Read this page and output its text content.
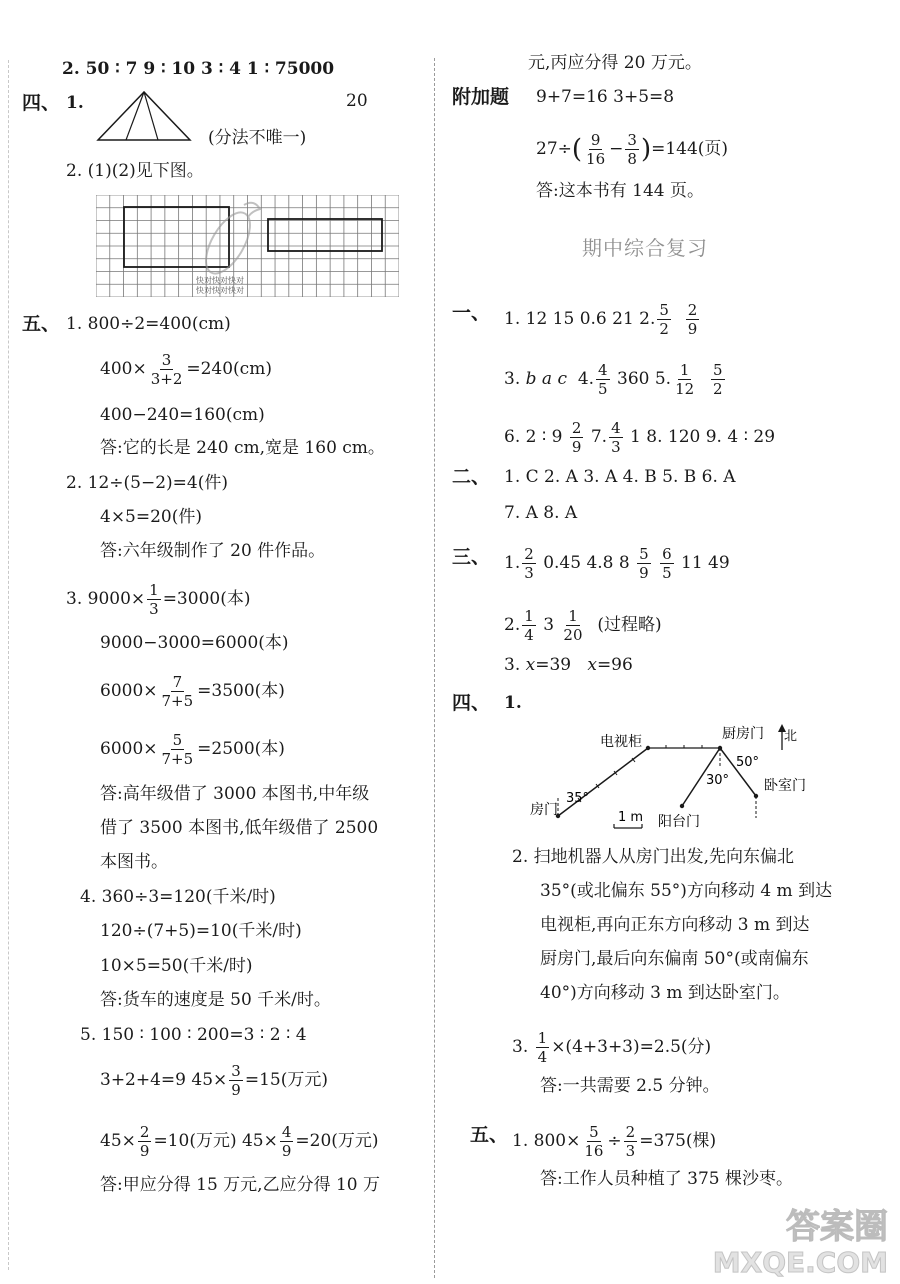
2. 50 ∶ 7 9 ∶ 10 3 ∶ 4 1 ∶ 75000
四、 1.	20
(分法不唯一)
2. (1)(2)见下图。
快对快对快对
快对快对快对
五、 1. 800÷2=400(cm)
$400\times \frac{3}{3+2} =240(cm)$
400−240=160(cm)
答:它的长是 240 cm,宽是 160 cm。
2. 12÷(5−2)=4(件)
4×5=20(件)
答:六年级制作了 20 件作品。
3. $9000\times \frac{1}{3} =3000$(本)
9000−3000=6000(本)
$6000\times \frac{7}{7+5} =3500$(本)
$6000\times \frac{5}{7+5} =2500$(本)
答:高年级借了 3000 本图书,中年级
借了 3500 本图书,低年级借了 2500
本图书。
4. 360÷3=120(千米/时)
120÷(7+5)=10(千米/时)
10×5=50(千米/时)
答:货车的速度是 50 千米/时。
5. 150 ∶ 100 ∶ 200=3 ∶ 2 ∶ 4
3+2+4=9 $45\times \frac{3}{9} =15$(万元)
$45\times \frac{2}{9} =10$(万元) $45\times \frac{4}{9} =20$(万元)
答:甲应分得 15 万元,乙应分得 10 万
元,丙应分得 20 万元。
附加题 9+7=16 3+5=8
$27\div( \frac{9}{16} - \frac{3}{8} )=144$(页)
答:这本书有 144 页。
期中综合复习
一、 1. 12 15 0.6 21 2. $\frac{5}{2}$
$\frac{2}{9}$
3. b a c 4. $\frac{4}{5} 360$ 5. $\frac{1}{12}$
$\frac{5}{2}$
6. 2 ∶ $9 \frac{2}{9} 7$. $\frac{4}{3} 1$ 8. 120 9. 4 ∶ 29
二、 1. C 2. A 3. A 4. B 5. B 6. A
7. A 8. A
三、 1. $\frac{2}{3} 0.45$ 4.8 $8 \frac{5}{9}$
$\frac{6}{5} 11$ 49
2. $\frac{1}{4} 3 \frac{1}{20}$ (过程略)
3. x=39 x=96
四、 1.
电视柜	厨房门 北
50°
30° 卧室门
35°
房门	1 m 阳台门
2. 扫地机器人从房门出发,先向东偏北
35°(或北偏东 55°)方向移动 4 m 到达
电视柜,再向正东方向移动 3 m 到达
厨房门,最后向东偏南 50°(或南偏东
40°)方向移动 3 m 到达卧室门。
3. $\frac{1}{4} \times(4+3+3)=2.5$(分)
答:一共需要 2.5 分钟。
五、 1. $800\times \frac{5}{16} \div \frac{2}{3} =375$(棵)
答:工作人员种植了 375 棵沙枣。
答案圈
MXQE.COM
